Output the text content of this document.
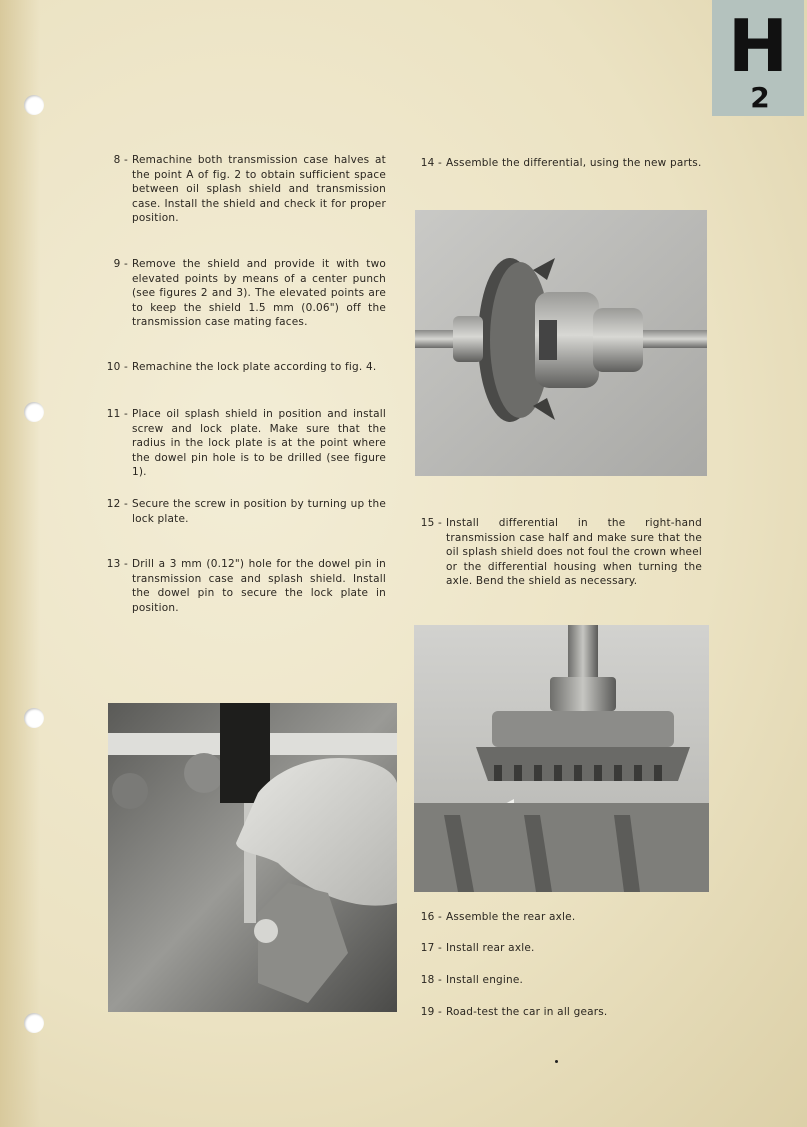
H
2
8 - Remachine both transmission case halves at the point A of fig. 2 to obtain sufficient space between oil splash shield and transmission case. Install the shield and check it for proper position.
9 - Remove the shield and provide it with two elevated points by means of a center punch (see figures 2 and 3). The elevated points are to keep the shield 1.5 mm (0.06") off the transmission case mating faces.
10 - Remachine the lock plate according to fig. 4.
11 - Place oil splash shield in position and install screw and lock plate. Make sure that the radius in the lock plate is at the point where the dowel pin hole is to be drilled (see figure 1).
12 - Secure the screw in position by turning up the lock plate.
13 - Drill a 3 mm (0.12") hole for the dowel pin in transmission case and splash shield. Install the dowel pin to secure the lock plate in position.
14 - Assemble the differential, using the new parts.
15 - Install differential in the right-hand transmission case half and make sure that the oil splash shield does not foul the crown wheel or the differential housing when turning the axle. Bend the shield as necessary.
16 - Assemble the rear axle.
17 - Install rear axle.
18 - Install engine.
19 - Road-test the car in all gears.
